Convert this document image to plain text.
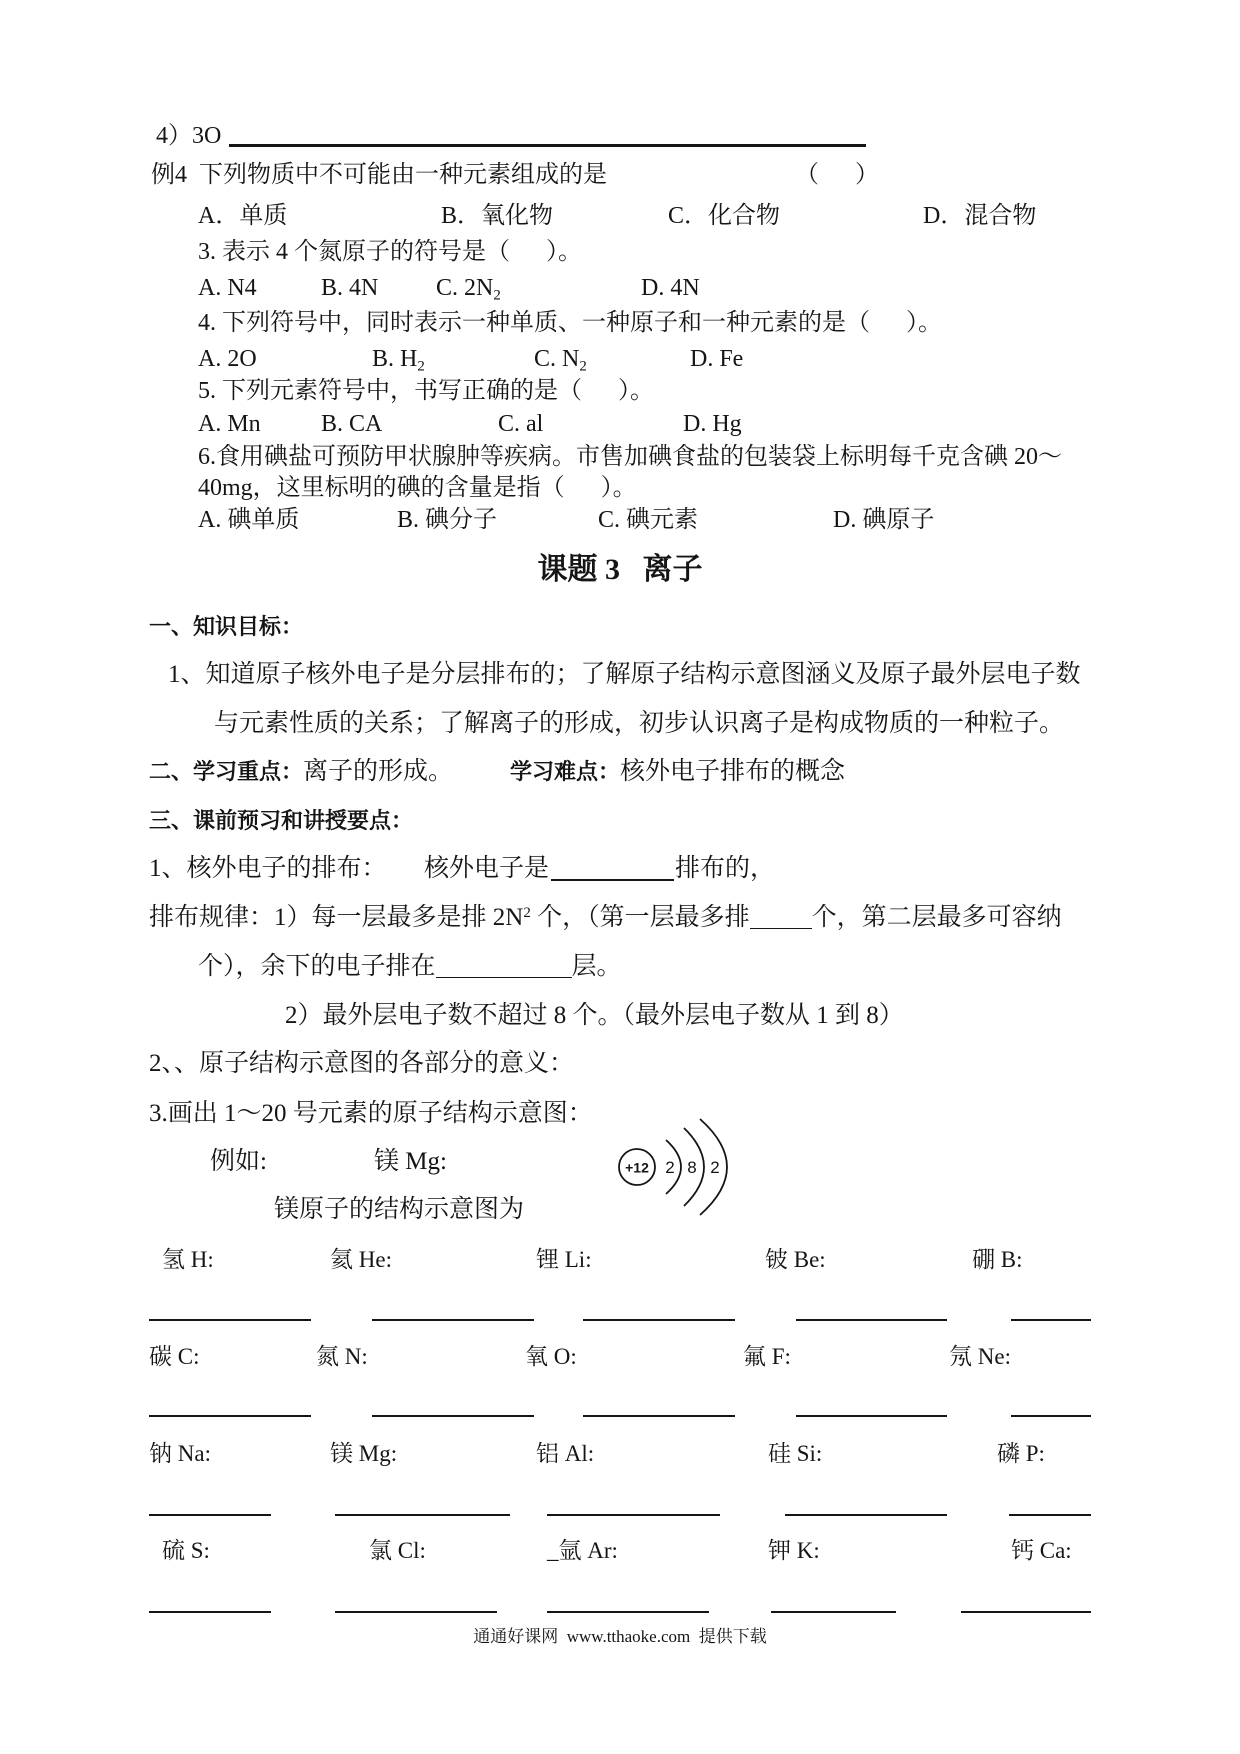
4）3O
例4  下列物质中不可能由一种元素组成的是	（      ）
A．单质	B．氧化物	C．化合物	D．混合物
3. 表示 4 个氮原子的符号是（      ）。
A. N4	B. 4N C. $2N_2$	D. 4N
4. 下列符号中，同时表示一种单质、一种原子和一种元素的是（      ）。
A. 2O	B. $H_2$	C. $N_2$	D. Fe
5. 下列元素符号中，书写正确的是（      ）。
A. Mn	B. CA	C. al	D. Hg
6.食用碘盐可预防甲状腺肿等疾病。市售加碘食盐的包装袋上标明每千克含碘 20～
40mg，这里标明的碘的含量是指（      ）。
A. 碘单质	B. 碘分子	C. 碘元素	D. 碘原子
课题 3   离子
一、知识目标：
1、知道原子核外电子是分层排布的；了解原子结构示意图涵义及原子最外层电子数
与元素性质的关系；了解离子的形成，初步认识离子是构成物质的一种粒子。
二、学习重点：离子的形成。	学习难点：核外电子排布的概念
三、课前预习和讲授要点：
1、核外电子的排布： 核外电子是	排布的，
排布规律：1）每一层最多是排 $2N^2$ 个，（第一层最多排 个，第二层最多可容纳
个），余下的电子排在	层。
2）最外层电子数不超过 8 个。（最外层电子数从 1 到 8）
2、、原子结构示意图的各部分的意义：
3.画出 1～20 号元素的原子结构示意图：
例如:	镁 Mg:
镁原子的结构示意图为
+12 2 8 2
氢 H:	氦 He:	锂 Li:	铍 Be:	硼 B:
碳 C:	氮 N:	氧 O:	氟 F:	氖 Ne:
钠 Na:	镁 Mg:	铝 Al:	硅 Si:	磷 P:
硫 S:	氯 Cl:	_氩 Ar:	钾 K:	钙 Ca:
通通好课网  www.tthaoke.com  提供下载
